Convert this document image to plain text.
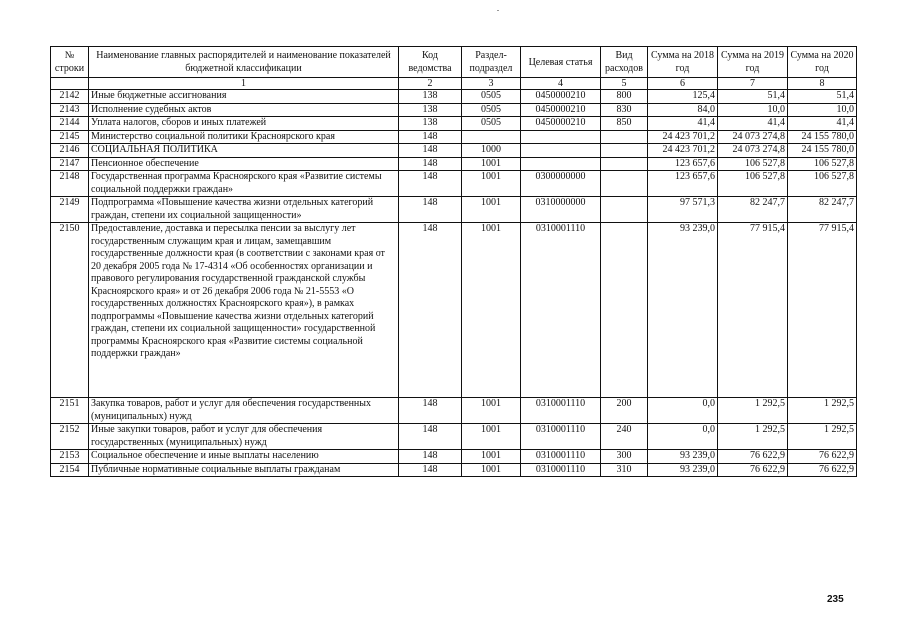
№ строки	Наименование главных распорядителей и наименование показателей бюджетной классификации	Код ведомства	Раздел-подраздел	Целевая статья	Вид расходов	Сумма на 2018 год	Сумма на 2019 год	Сумма на 2020 год
	1	2	3	4	5	6	7	8
2142	Иные бюджетные ассигнования	138	0505	0450000210	800	125,4	51,4	51,4
2143	Исполнение судебных актов	138	0505	0450000210	830	84,0	10,0	10,0
2144	Уплата налогов, сборов и иных платежей	138	0505	0450000210	850	41,4	41,4	41,4
2145	Министерство социальной политики Красноярского края	148				24 423 701,2	24 073 274,8	24 155 780,0
2146	СОЦИАЛЬНАЯ ПОЛИТИКА	148	1000			24 423 701,2	24 073 274,8	24 155 780,0
2147	Пенсионное обеспечение	148	1001			123 657,6	106 527,8	106 527,8
2148	Государственная программа Красноярского края «Развитие системы социальной поддержки граждан»	148	1001	0300000000		123 657,6	106 527,8	106 527,8
2149	Подпрограмма «Повышение качества жизни отдельных категорий граждан, степени их социальной защищенности»	148	1001	0310000000		97 571,3	82 247,7	82 247,7
2150	Предоставление, доставка и пересылка пенсии за выслугу лет государственным служащим края и лицам, замещавшим государственные должности края (в соответствии с законами края от 20 декабря 2005 года № 17-4314 «Об особенностях организации и правового регулирования государственной гражданской службы Красноярского края» и от 26 декабря 2006 года № 21-5553 «О государственных должностях Красноярского края»), в рамках подпрограммы «Повышение качества жизни отдельных категорий граждан, степени их социальной защищенности» государственной программы Красноярского края «Развитие системы социальной поддержки граждан»	148	1001	0310001110		93 239,0	77 915,4	77 915,4
2151	Закупка товаров, работ и услуг для обеспечения государственных (муниципальных) нужд	148	1001	0310001110	200	0,0	1 292,5	1 292,5
2152	Иные закупки товаров, работ и услуг для обеспечения государственных (муниципальных) нужд	148	1001	0310001110	240	0,0	1 292,5	1 292,5
2153	Социальное обеспечение и иные выплаты населению	148	1001	0310001110	300	93 239,0	76 622,9	76 622,9
2154	Публичные нормативные социальные выплаты гражданам	148	1001	0310001110	310	93 239,0	76 622,9	76 622,9
235
